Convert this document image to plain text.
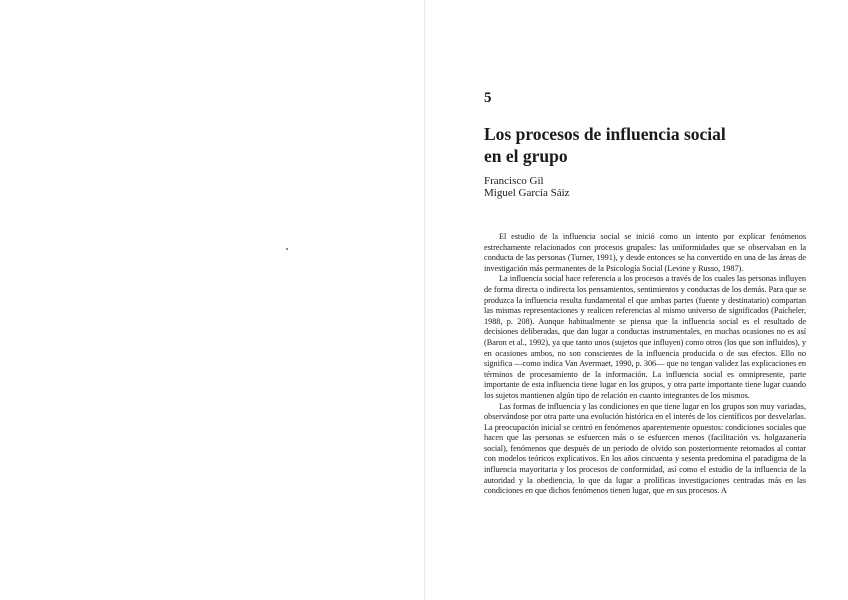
5
Los procesos de influencia social
en el grupo
Francisco Gil
Miguel García Sáiz

El estudio de la influencia social se inició como un intento por explicar fenómenos estrechamente relacionados con procesos grupales: las uniformidades que se observaban en la conducta de las personas (Turner, 1991), y desde entonces se ha convertido en una de las áreas de investigación más permanentes de la Psicología Social (Levine y Russo, 1987).

La influencia social hace referencia a los procesos a través de los cuales las personas influyen de forma directa o indirecta los pensamientos, sentimientos y conductas de los demás. Para que se produzca la influencia resulta fundamental el que ambas partes (fuente y destinatario) compartan las mismas representaciones y realicen referencias al mismo universo de significados (Paicheler, 1988, p. 208). Aunque habitualmente se piensa que la influencia social es el resultado de decisiones deliberadas, que dan lugar a conductas instrumentales, en muchas ocasiones no es así (Baron et al., 1992), ya que tanto unos (sujetos que influyen) como otros (los que son influidos), y en ocasiones ambos, no son conscientes de la influencia producida o de sus efectos. Ello no significa —como indica Van Avermaet, 1990, p. 306— que no tengan validez las explicaciones en términos de procesamiento de la información. La influencia social es omnipresente, parte importante de esta influencia tiene lugar en los grupos, y otra parte importante tiene lugar cuando los sujetos mantienen algún tipo de relación en cuanto integrantes de los mismos.

Las formas de influencia y las condiciones en que tiene lugar en los grupos son muy variadas, observándose por otra parte una evolución histórica en el interés de los científicos por desvelarlas. La preocupación inicial se centró en fenómenos aparentemente opuestos: condiciones sociales que hacen que las personas se esfuercen más o se esfuercen menos (facilitación vs. holgazanería social), fenómenos que después de un periodo de olvido son posteriormente retomados al contar con modelos teóricos explicativos. En los años cincuenta y sesenta predomina el paradigma de la influencia mayoritaria y los procesos de conformidad, así como el estudio de la influencia de la autoridad y la obediencia, lo que da lugar a prolíficas investigaciones centradas más en las condiciones en que dichos fenómenos tienen lugar, que en sus procesos. A
